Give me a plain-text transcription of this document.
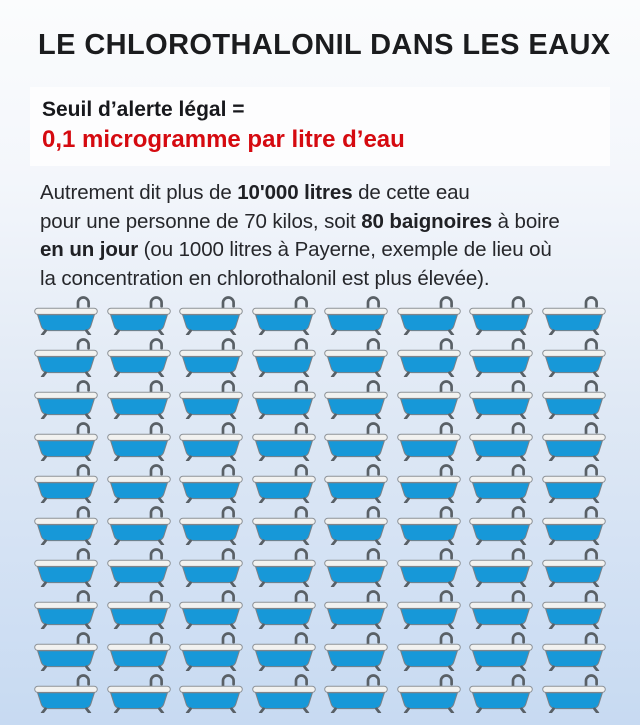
LE CHLOROTHALONIL DANS LES EAUX
Seuil d’alerte légal =
0,1 microgramme par litre d’eau
Autrement dit plus de 10'000 litres de cette eau
pour une personne de 70 kilos, soit 80 baignoires à boire
en un jour (ou 1000 litres à Payerne, exemple de lieu où
la concentration en chlorothalonil est plus élevée).
